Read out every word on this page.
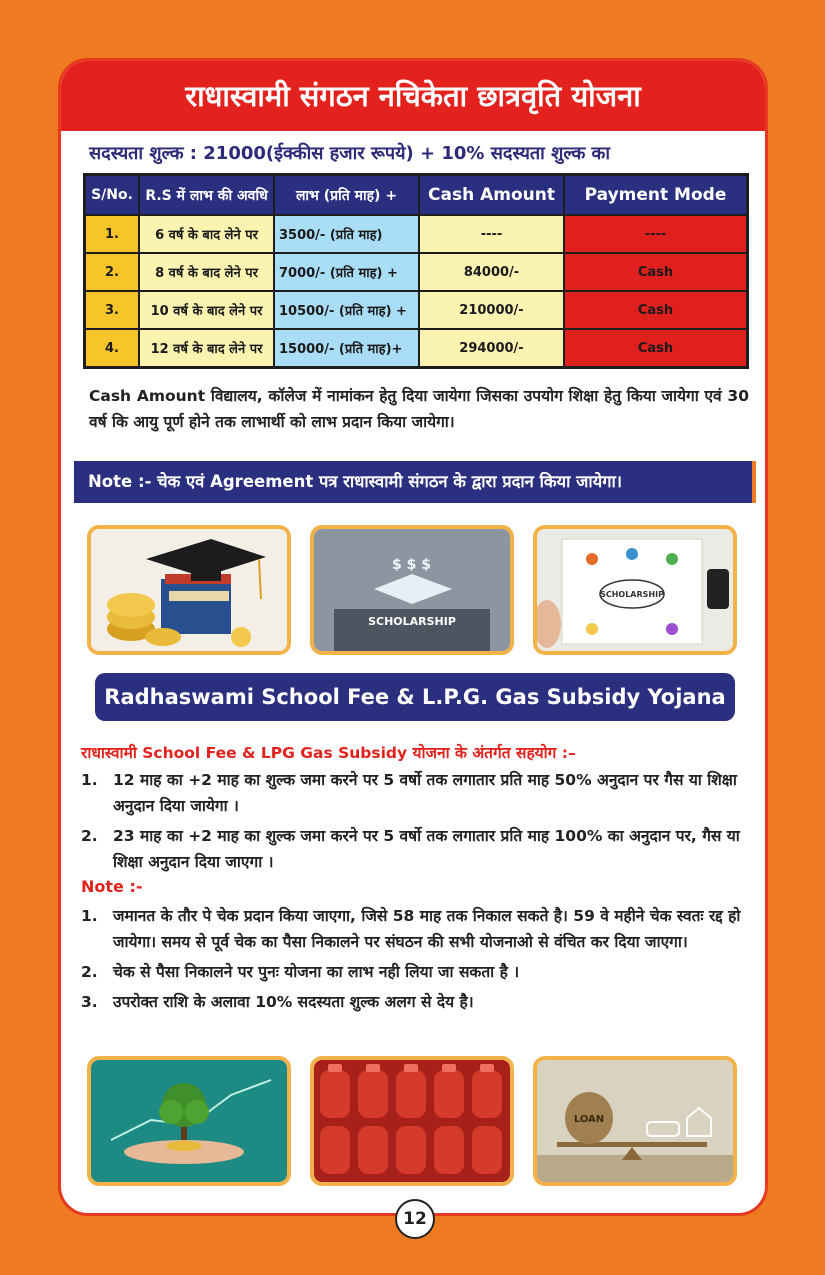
राधास्वामी संगठन नचिकेता छात्रवृति योजना
सदस्यता शुल्क : 21000(ईक्कीस हजार रूपये) + 10% सदस्यता शुल्क का
S/No.	R.S में लाभ की अवधि	लाभ (प्रति माह) +	Cash Amount	Payment Mode
1.	6 वर्ष के बाद लेने पर	3500/- (प्रति माह)	----	----
2.	8 वर्ष के बाद लेने पर	7000/- (प्रति माह) +	84000/-	Cash
3.	10 वर्ष के बाद लेने पर	10500/- (प्रति माह) +	210000/-	Cash
4.	12 वर्ष के बाद लेने पर	15000/- (प्रति माह)+	294000/-	Cash
Cash Amount विद्यालय, कॉलेज में नामांकन हेतु दिया जायेगा जिसका उपयोग शिक्षा हेतु किया जायेगा एवं 30 वर्ष कि आयु पूर्ण होने तक लाभार्थी को लाभ प्रदान किया जायेगा।
Note :- चेक एवं Agreement पत्र राधास्वामी संगठन के द्वारा प्रदान किया जायेगा।
$ $ $
SCHOLARSHIP
SCHOLARSHIP
Radhaswami School Fee & L.P.G. Gas Subsidy Yojana
राधास्वामी School Fee & LPG Gas Subsidy योजना के अंतर्गत सहयोग :–
1. 12 माह का +2 माह का शुल्क जमा करने पर 5 वर्षो तक लगातार प्रति माह 50% अनुदान पर गैस या शिक्षा अनुदान दिया जायेगा ।
2. 23 माह का +2 माह का शुल्क जमा करने पर 5 वर्षो तक लगातार प्रति माह 100% का अनुदान पर, गैस या शिक्षा अनुदान दिया जाएगा ।
Note :-
1. जमानत के तौर पे चेक प्रदान किया जाएगा, जिसे 58 माह तक निकाल सकते है। 59 वे महीने चेक स्वतः रद्द हो जायेगा। समय से पूर्व चेक का पैसा निकालने पर संघठन की सभी योजनाओ से वंचित कर दिया जाएगा।
2. चेक से पैसा निकालने पर पुनः योजना का लाभ नही लिया जा सकता है ।
3. उपरोक्त राशि के अलावा 10% सदस्यता शुल्क अलग से देय है।
LOAN
12
